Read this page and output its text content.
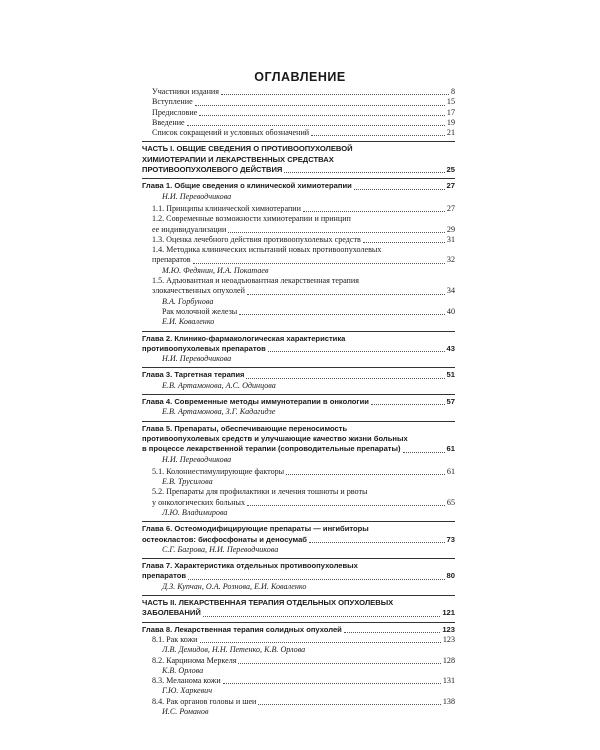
ОГЛАВЛЕНИЕ
Участники издания	8
Вступление	15
Предисловие	17
Введение	19
Список сокращений и условных обозначений	21
ЧАСТЬ I. ОБЩИЕ СВЕДЕНИЯ О ПРОТИВООПУХОЛЕВОЙ
ХИМИОТЕРАПИИ И ЛЕКАРСТВЕННЫХ СРЕДСТВАХ
ПРОТИВООПУХОЛЕВОГО ДЕЙСТВИЯ	25
Глава 1. Общие сведения о клинической химиотерапии	27
Н.И. Переводчикова
1.1. Принципы клинической химиотерапии	27
1.2. Современные возможности химиотерапии и принцип
ее индивидуализации	29
1.3. Оценка лечебного действия противоопухолевых средств	31
1.4. Методика клинических испытаний новых противоопухолевых
препаратов	32
М.Ю. Федянин, И.А. Покатаев
1.5. Адъювантная и неоадъювантная лекарственная терапия
злокачественных опухолей	34
В.А. Горбунова
Рак молочной железы	40
Е.И. Коваленко
Глава 2. Клинико-фармакологическая характеристика
противоопухолевых препаратов	43
Н.И. Переводчикова
Глава 3. Таргетная терапия	51
Е.В. Артамонова, А.С. Одинцова
Глава 4. Современные методы иммунотерапии в онкологии	57
Е.В. Артамонова, З.Г. Кадагидзе
Глава 5. Препараты, обеспечивающие переносимость
противоопухолевых средств и улучшающие качество жизни больных
в процессе лекарственной терапии (сопроводительные препараты)	61
Н.И. Переводчикова
5.1. Колониестимулирующие факторы	61
Е.В. Трусилова
5.2. Препараты для профилактики и лечения тошноты и рвоты
у онкологических больных	65
Л.Ю. Владимирова
Глава 6. Остеомодифицирующие препараты — ингибиторы
остеокластов: бисфосфонаты и деносумаб	73
С.Г. Багрова, Н.И. Переводчикова
Глава 7. Характеристика отдельных противоопухолевых
препаратов	80
Д.З. Купчан, О.А. Рознова, Е.И. Коваленко
ЧАСТЬ II. ЛЕКАРСТВЕННАЯ ТЕРАПИЯ ОТДЕЛЬНЫХ ОПУХОЛЕВЫХ
ЗАБОЛЕВАНИЙ	121
Глава 8. Лекарственная терапия солидных опухолей	123
8.1. Рак кожи	123
Л.В. Демидов, Н.Н. Петенко, К.В. Орлова
8.2. Карцинома Меркеля	128
К.В. Орлова
8.3. Меланома кожи	131
Г.Ю. Харкевич
8.4. Рак органов головы и шеи	138
И.С. Романов
